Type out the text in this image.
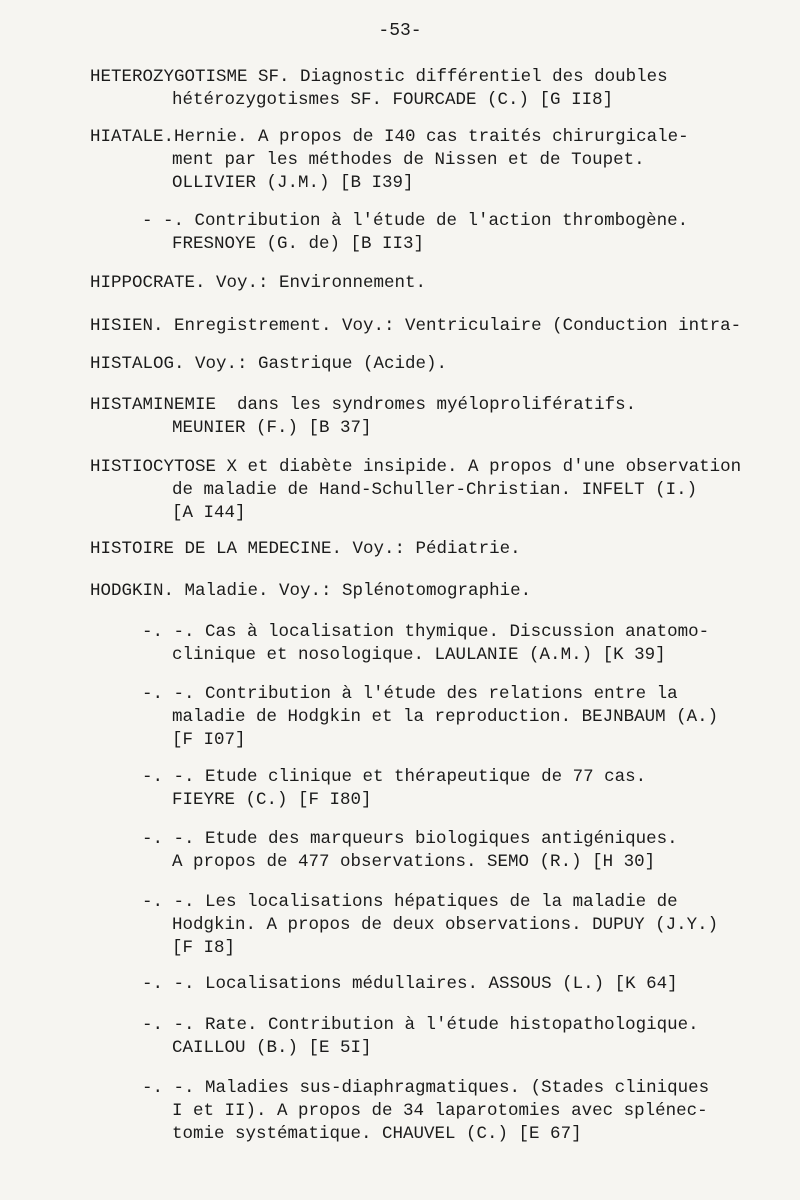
-53-
HETEROZYGOTISME SF. Diagnostic différentiel des doubles
hétérozygotismes SF. FOURCADE (C.) [G II8]
HIATALE.Hernie. A propos de I40 cas traités chirurgicale-
ment par les méthodes de Nissen et de Toupet.
OLLIVIER (J.M.) [B I39]
- -. Contribution à l'étude de l'action thrombogène.
FRESNOYE (G. de) [B II3]
HIPPOCRATE. Voy.: Environnement.
HISIEN. Enregistrement. Voy.: Ventriculaire (Conduction intra-
HISTALOG. Voy.: Gastrique (Acide).
HISTAMINEMIE  dans les syndromes myéloprolifératifs.
MEUNIER (F.) [B 37]
HISTIOCYTOSE X et diabète insipide. A propos d'une observation
de maladie de Hand-Schuller-Christian. INFELT (I.)
[A I44]
HISTOIRE DE LA MEDECINE. Voy.: Pédiatrie.
HODGKIN. Maladie. Voy.: Splénotomographie.
-. -. Cas à localisation thymique. Discussion anatomo-
clinique et nosologique. LAULANIE (A.M.) [K 39]
-. -. Contribution à l'étude des relations entre la
maladie de Hodgkin et la reproduction. BEJNBAUM (A.)
[F I07]
-. -. Etude clinique et thérapeutique de 77 cas.
FIEYRE (C.) [F I80]
-. -. Etude des marqueurs biologiques antigéniques.
A propos de 477 observations. SEMO (R.) [H 30]
-. -. Les localisations hépatiques de la maladie de
Hodgkin. A propos de deux observations. DUPUY (J.Y.)
[F I8]
-. -. Localisations médullaires. ASSOUS (L.) [K 64]
-. -. Rate. Contribution à l'étude histopathologique.
CAILLOU (B.) [E 5I]
-. -. Maladies sus-diaphragmatiques. (Stades cliniques
I et II). A propos de 34 laparotomies avec splénec-
tomie systématique. CHAUVEL (C.) [E 67]
